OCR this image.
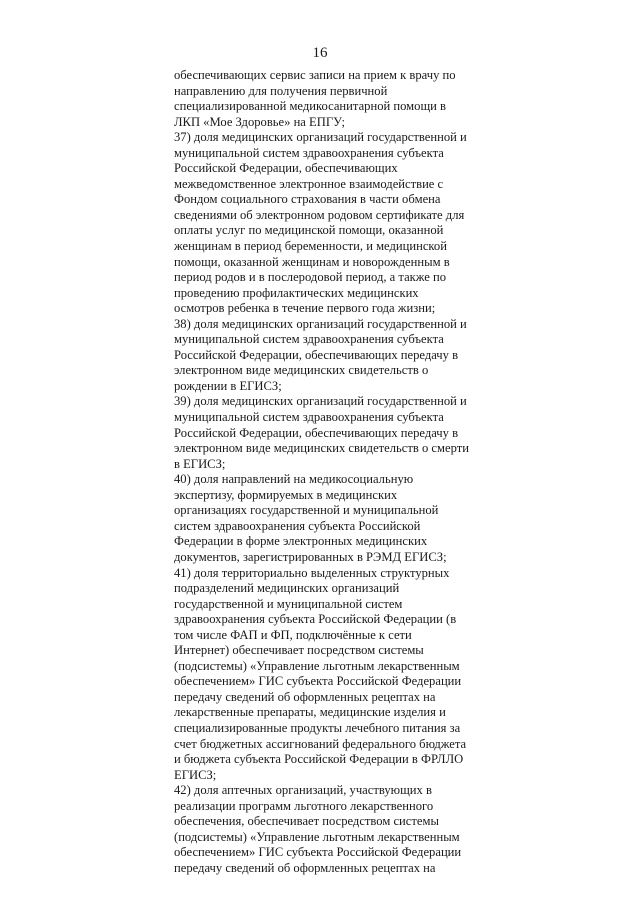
16
обеспечивающих сервис записи на прием к врачу по
направлению для получения первичной
специализированной медикосанитарной помощи в
ЛКП «Мое Здоровье» на ЕПГУ;
37) доля медицинских организаций государственной и
муниципальной систем здравоохранения субъекта
Российской Федерации, обеспечивающих
межведомственное электронное взаимодействие с
Фондом социального страхования в части обмена
сведениями об электронном родовом сертификате для
оплаты услуг по медицинской помощи, оказанной
женщинам в период беременности, и медицинской
помощи, оказанной женщинам и новорожденным в
период родов и в послеродовой период, а также по
проведению профилактических медицинских
осмотров ребенка в течение первого года жизни;
38) доля медицинских организаций государственной и
муниципальной систем здравоохранения субъекта
Российской Федерации, обеспечивающих передачу в
электронном виде медицинских свидетельств о
рождении в ЕГИСЗ;
39) доля медицинских организаций государственной и
муниципальной систем здравоохранения субъекта
Российской Федерации, обеспечивающих передачу в
электронном виде медицинских свидетельств о смерти
в ЕГИСЗ;
40) доля направлений на медикосоциальную
экспертизу, формируемых в медицинских
организациях государственной и муниципальной
систем здравоохранения субъекта Российской
Федерации в форме электронных медицинских
документов, зарегистрированных в РЭМД ЕГИСЗ;
41) доля территориально выделенных структурных
подразделений медицинских организаций
государственной и муниципальной систем
здравоохранения субъекта Российской Федерации (в
том числе ФАП и ФП, подключённые к сети
Интернет) обеспечивает посредством системы
(подсистемы) «Управление льготным лекарственным
обеспечением» ГИС субъекта Российской Федерации
передачу сведений об оформленных рецептах на
лекарственные препараты, медицинские изделия и
специализированные продукты лечебного питания за
счет бюджетных ассигнований федерального бюджета
и бюджета субъекта Российской Федерации в ФРЛЛО
ЕГИСЗ;
42) доля аптечных организаций, участвующих в
реализации программ льготного лекарственного
обеспечения, обеспечивает посредством системы
(подсистемы) «Управление льготным лекарственным
обеспечением» ГИС субъекта Российской Федерации
передачу сведений об оформленных рецептах на
